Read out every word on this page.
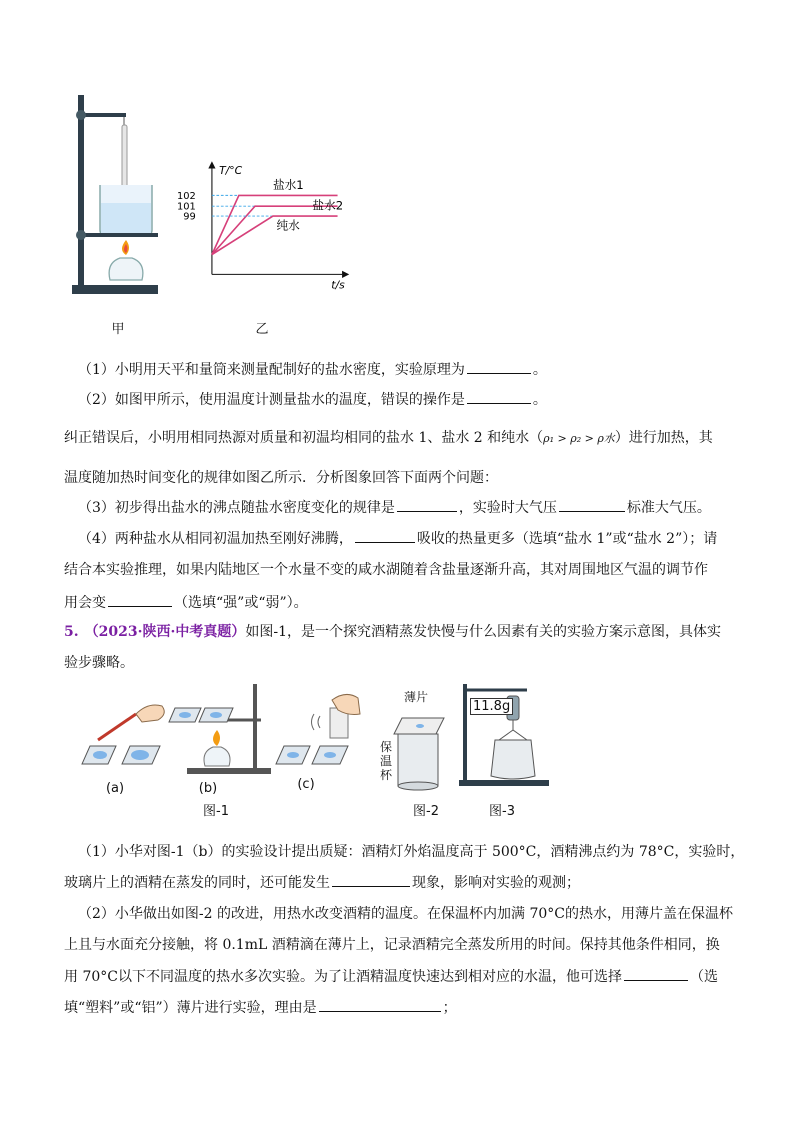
甲
T/°C
t/s
102
101
99
盐水1
盐水2
纯水
乙
（1）小明用天平和量筒来测量配制好的盐水密度，实验原理为	。
（2）如图甲所示，使用温度计测量盐水的温度，错误的操作是	。
纠正错误后，小明用相同热源对质量和初温均相同的盐水 1、盐水 2 和纯水（ρ₁ > ρ₂ > ρ水）进行加热，其
温度随加热时间变化的规律如图乙所示．分析图象回答下面两个问题：
（3）初步得出盐水的沸点随盐水密度变化的规律是	，实验时大气压	标准大气压。
（4）两种盐水从相同初温加热至刚好沸腾，	吸收的热量更多（选填“盐水 1”或“盐水 2”）；请
结合本实验推理，如果内陆地区一个水量不变的咸水湖随着含盐量逐渐升高，其对周围地区气温的调节作
用会变	（选填“强”或“弱”）。
5. （2023·陕西·中考真题）如图-1，是一个探究酒精蒸发快慢与什么因素有关的实验方案示意图，具体实
验步骤略。
(a)	(b)	(c)
图-1
薄片
保温杯
图-2
11.8g
图-3
（1）小华对图-1（b）的实验设计提出质疑：酒精灯外焰温度高于 500°C，酒精沸点约为 78°C，实验时，
玻璃片上的酒精在蒸发的同时，还可能发生	现象，影响对实验的观测；
（2）小华做出如图-2 的改进，用热水改变酒精的温度。在保温杯内加满 70°C的热水，用薄片盖在保温杯
上且与水面充分接触，将 0.1mL 酒精滴在薄片上，记录酒精完全蒸发所用的时间。保持其他条件相同，换
用 70°C以下不同温度的热水多次实验。为了让酒精温度快速达到相对应的水温，他可选择	（选
填“塑料”或“铝”）薄片进行实验，理由是	；
